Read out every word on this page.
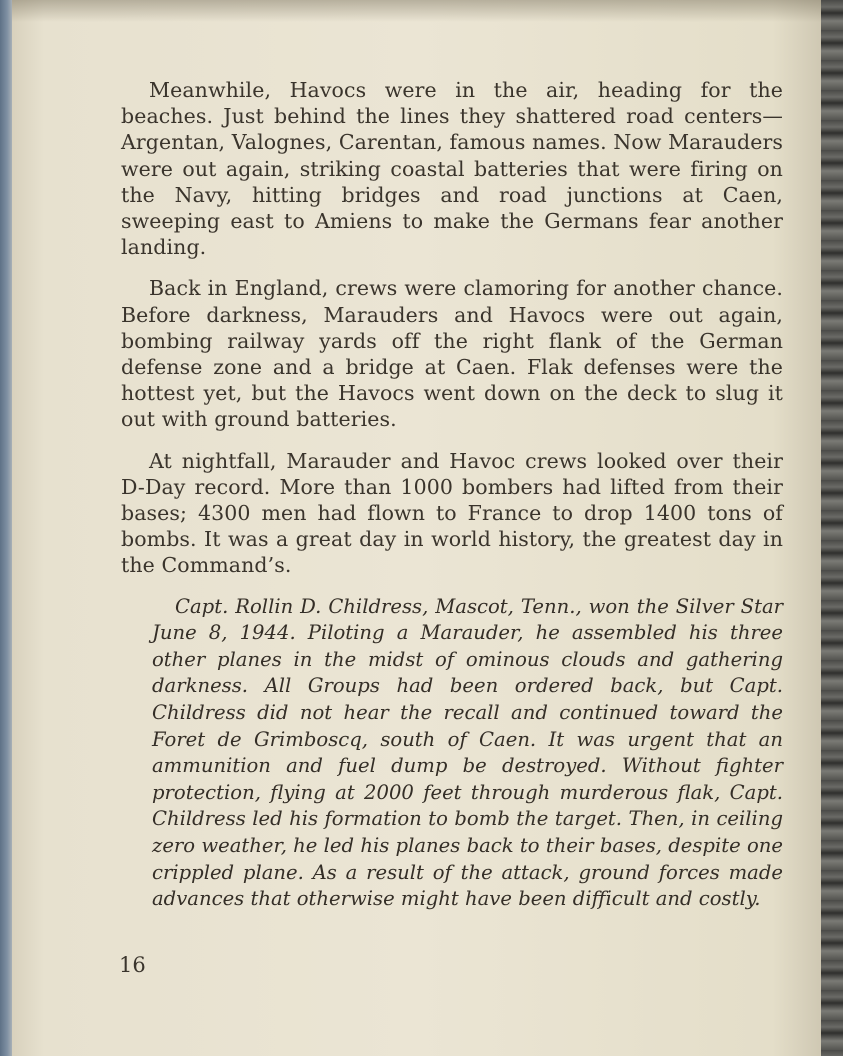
Meanwhile, Havocs were in the air, heading for the beaches. Just behind the lines they shattered road centers—Argentan, Valognes, Carentan, famous names. Now Marauders were out again, striking coastal batteries that were firing on the Navy, hitting bridges and road junctions at Caen, sweeping east to Amiens to make the Germans fear another landing.

Back in England, crews were clamoring for another chance. Before darkness, Marauders and Havocs were out again, bombing railway yards off the right flank of the German defense zone and a bridge at Caen. Flak defenses were the hottest yet, but the Havocs went down on the deck to slug it out with ground batteries.

At nightfall, Marauder and Havoc crews looked over their D-Day record. More than 1000 bombers had lifted from their bases; 4300 men had flown to France to drop 1400 tons of bombs. It was a great day in world history, the greatest day in the Command’s.

Capt. Rollin D. Childress, Mascot, Tenn., won the Silver Star June 8, 1944. Piloting a Marauder, he assembled his three other planes in the midst of ominous clouds and gathering darkness. All Groups had been ordered back, but Capt. Childress did not hear the recall and continued toward the Foret de Grimboscq, south of Caen. It was urgent that an ammunition and fuel dump be destroyed. Without fighter protection, flying at 2000 feet through murderous flak, Capt. Childress led his formation to bomb the target. Then, in ceiling zero weather, he led his planes back to their bases, despite one crippled plane. As a result of the attack, ground forces made advances that otherwise might have been difficult and costly.

16
